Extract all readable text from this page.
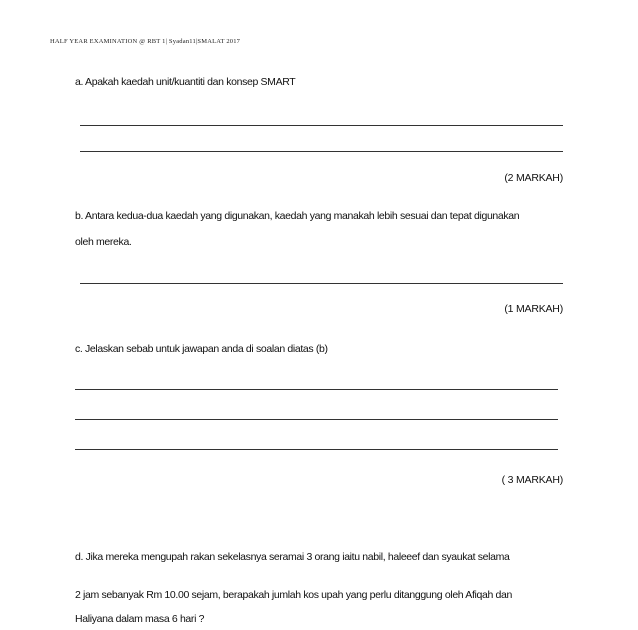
HALF YEAR EXAMINATION @ RBT 1| Syadan11|SMALAT 2017
a. Apakah kaedah unit/kuantiti dan konsep SMART
(2 MARKAH)
b. Antara kedua-dua kaedah yang digunakan, kaedah yang manakah lebih sesuai dan tepat digunakan
oleh mereka.
(1 MARKAH)
c. Jelaskan sebab untuk jawapan anda di soalan diatas (b)
( 3 MARKAH)
d. Jika mereka mengupah rakan sekelasnya seramai 3 orang iaitu nabil, haleeef dan syaukat selama
2 jam sebanyak Rm 10.00 sejam, berapakah jumlah kos upah yang perlu ditanggung oleh Afiqah dan
Haliyana dalam masa 6 hari ?
